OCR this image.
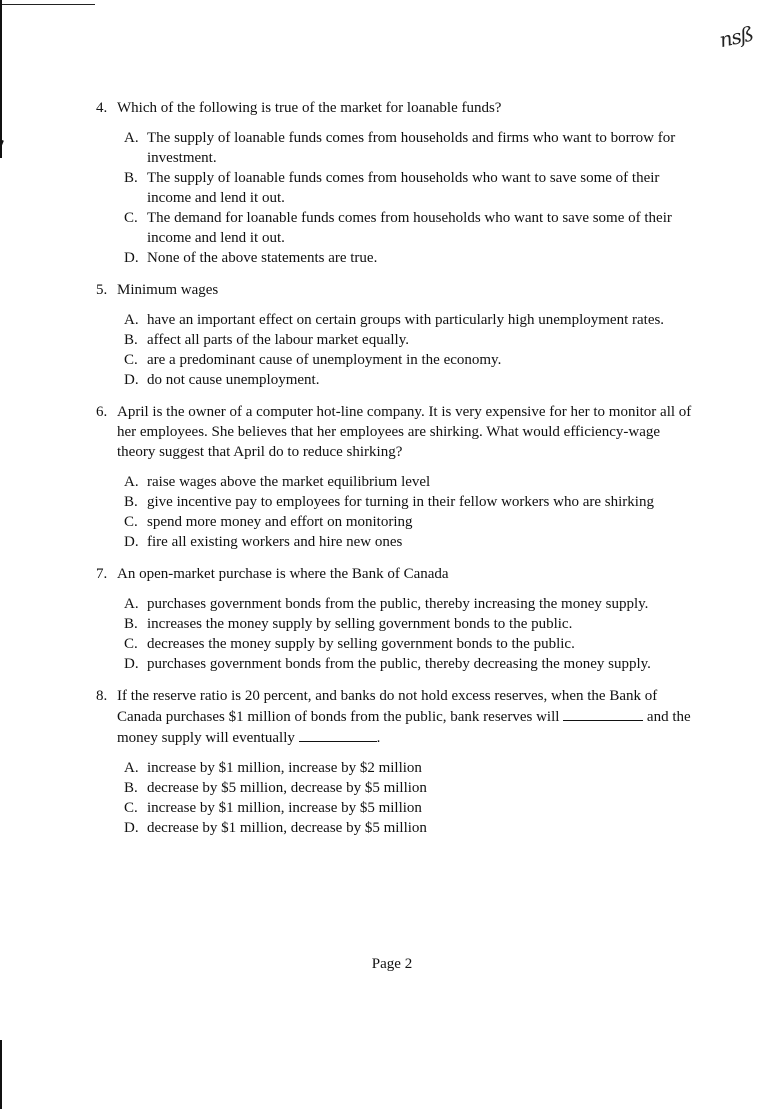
nsß
4. Which of the following is true of the market for loanable funds?
A. The supply of loanable funds comes from households and firms who want to borrow for investment.
B. The supply of loanable funds comes from households who want to save some of their income and lend it out.
C. The demand for loanable funds comes from households who want to save some of their income and lend it out.
D. None of the above statements are true.
5. Minimum wages
A. have an important effect on certain groups with particularly high unemployment rates.
B. affect all parts of the labour market equally.
C. are a predominant cause of unemployment in the economy.
D. do not cause unemployment.
6. April is the owner of a computer hot-line company. It is very expensive for her to monitor all of her employees. She believes that her employees are shirking. What would efficiency-wage theory suggest that April do to reduce shirking?
A. raise wages above the market equilibrium level
B. give incentive pay to employees for turning in their fellow workers who are shirking
C. spend more money and effort on monitoring
D. fire all existing workers and hire new ones
7. An open-market purchase is where the Bank of Canada
A. purchases government bonds from the public, thereby increasing the money supply.
B. increases the money supply by selling government bonds to the public.
C. decreases the money supply by selling government bonds to the public.
D. purchases government bonds from the public, thereby decreasing the money supply.
8. If the reserve ratio is 20 percent, and banks do not hold excess reserves, when the Bank of Canada purchases $1 million of bonds from the public, bank reserves will	and the money supply will eventually	.
A. increase by $1 million, increase by $2 million
B. decrease by $5 million, decrease by $5 million
C. increase by $1 million, increase by $5 million
D. decrease by $1 million, decrease by $5 million
Page 2
